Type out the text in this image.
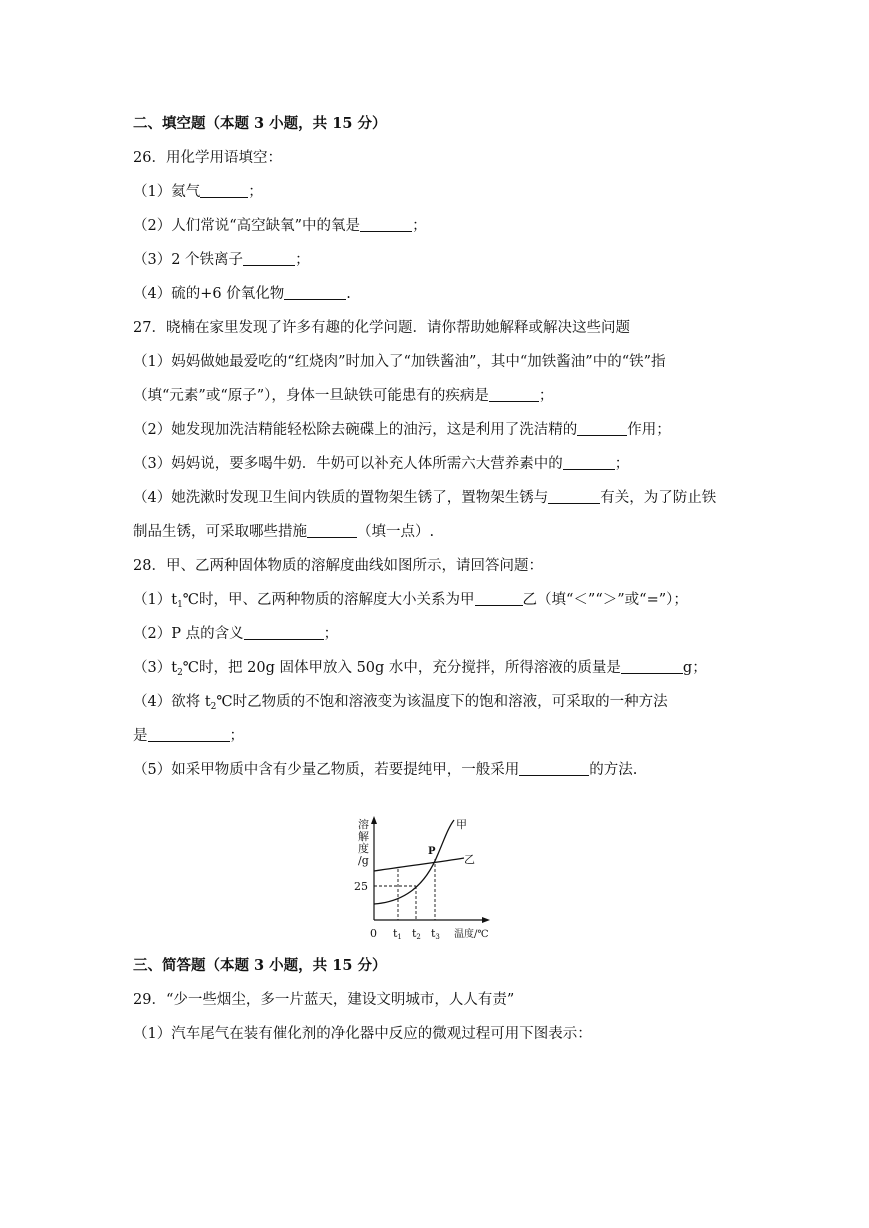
二、填空题（本题 3 小题，共 15 分）
26．用化学用语填空：
（1）氦气	；
（2）人们常说“高空缺氧”中的氧是	；
（3）2 个铁离子	；
（4）硫的+6 价氧化物	.
27．晓楠在家里发现了许多有趣的化学问题．请你帮助她解释或解决这些问题
（1）妈妈做她最爱吃的“红烧肉”时加入了“加铁酱油”，其中“加铁酱油”中的“铁”指
（填“元素”或“原子”），身体一旦缺铁可能患有的疾病是	；
（2）她发现加洗洁精能轻松除去碗碟上的油污，这是利用了洗洁精的	作用；
（3）妈妈说，要多喝牛奶．牛奶可以补充人体所需六大营养素中的	；
（4）她洗漱时发现卫生间内铁质的置物架生锈了，置物架生锈与	有关，为了防止铁
制品生锈，可采取哪些措施	（填一点）.
28．甲、乙两种固体物质的溶解度曲线如图所示，请回答问题：
$(1)t_1℃$时，甲、乙两种物质的溶解度大小关系为甲	乙（填“＜”“＞”或“=”）；
（2）P 点的含义	；
$(3)t_2℃$时，把 20g 固体甲放入 50g 水中，充分搅拌，所得溶液的质量是	g；
（4）欲将 $t_2℃$时乙物质的不饱和溶液变为该温度下的饱和溶液，可采取的一种方法
是	；
（5）如采甲物质中含有少量乙物质，若要提纯甲，一般采用	的方法.
溶
解
度
/g
甲
乙
P
25
0 t1 t2 t3 温度/℃
三、简答题（本题 3 小题，共 15 分）
29．“少一些烟尘，多一片蓝天，建设文明城市，人人有责”
（1）汽车尾气在装有催化剂的净化器中反应的微观过程可用下图表示：
